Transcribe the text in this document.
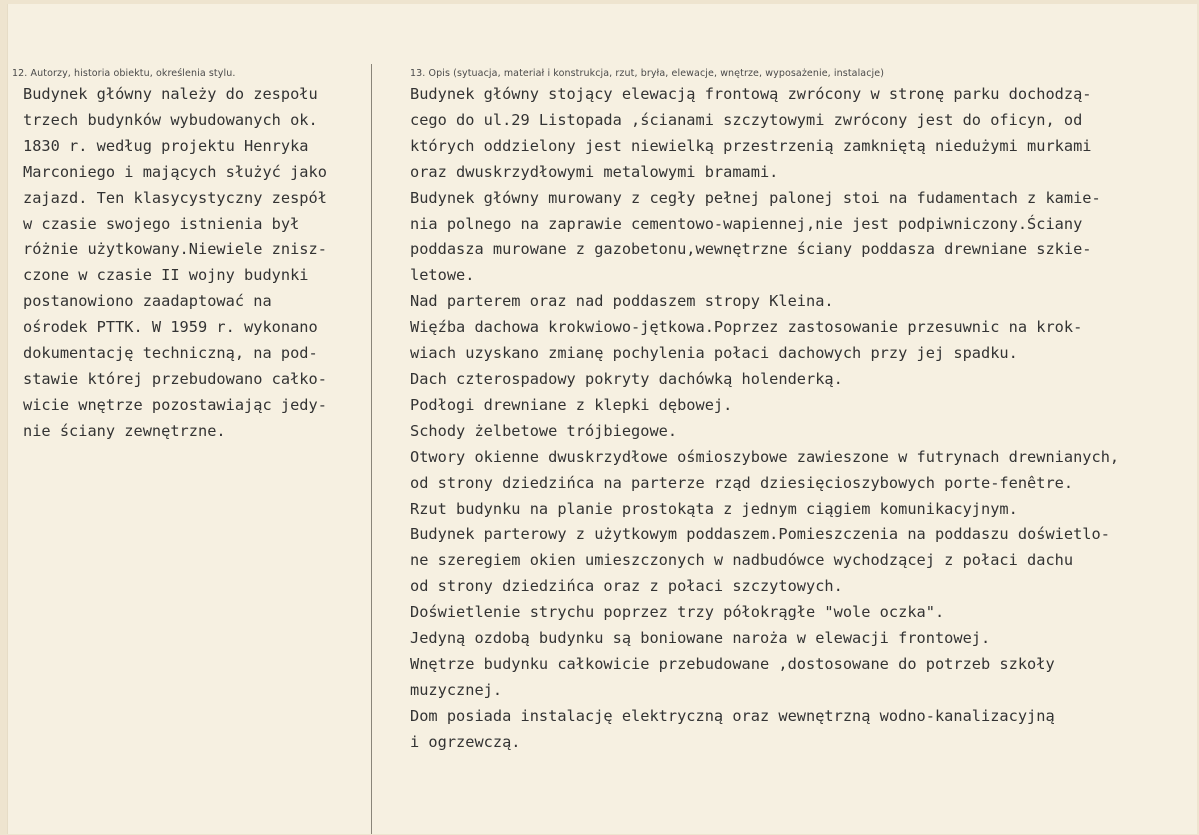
12. Autorzy, historia obiektu, określenia stylu.	13. Opis (sytuacja, materiał i konstrukcja, rzut, bryła, elewacje, wnętrze, wyposażenie, instalacje)
Budynek główny należy do zespołu
trzech budynków wybudowanych ok.
1830 r. według projektu Henryka
Marconiego i mających służyć jako
zajazd. Ten klasycystyczny zespół
w czasie swojego istnienia był
różnie użytkowany.Niewiele znisz-
czone w czasie II wojny budynki
postanowiono zaadaptować na
ośrodek PTTK. W 1959 r. wykonano
dokumentację techniczną, na pod-
stawie której przebudowano całko-
wicie wnętrze pozostawiając jedy-
nie ściany zewnętrzne.
Budynek główny stojący elewacją frontową zwrócony w stronę parku dochodzą-
cego do ul.29 Listopada ,ścianami szczytowymi zwrócony jest do oficyn, od
których oddzielony jest niewielką przestrzenią zamkniętą niedużymi murkami
oraz dwuskrzydłowymi metalowymi bramami.
Budynek główny murowany z cegły pełnej palonej stoi na fudamentach z kamie-
nia polnego na zaprawie cementowo-wapiennej,nie jest podpiwniczony.Ściany
poddasza murowane z gazobetonu,wewnętrzne ściany poddasza drewniane szkie-
letowe.
Nad parterem oraz nad poddaszem stropy Kleina.
Więźba dachowa krokwiowo-jętkowa.Poprzez zastosowanie przesuwnic na krok-
wiach uzyskano zmianę pochylenia połaci dachowych przy jej spadku.
Dach czterospadowy pokryty dachówką holenderką.
Podłogi drewniane z klepki dębowej.
Schody żelbetowe trójbiegowe.
Otwory okienne dwuskrzydłowe ośmioszybowe zawieszone w futrynach drewnianych,
od strony dziedzińca na parterze rząd dziesięcioszybowych porte-fenêtre.
Rzut budynku na planie prostokąta z jednym ciągiem komunikacyjnym.
Budynek parterowy z użytkowym poddaszem.Pomieszczenia na poddaszu doświetlo-
ne szeregiem okien umieszczonych w nadbudówce wychodzącej z połaci dachu
od strony dziedzińca oraz z połaci szczytowych.
Doświetlenie strychu poprzez trzy półokrągłe "wole oczka".
Jedyną ozdobą budynku są boniowane naroża w elewacji frontowej.
Wnętrze budynku całkowicie przebudowane ,dostosowane do potrzeb szkoły
muzycznej.
Dom posiada instalację elektryczną oraz wewnętrzną wodno-kanalizacyjną
i ogrzewczą.
